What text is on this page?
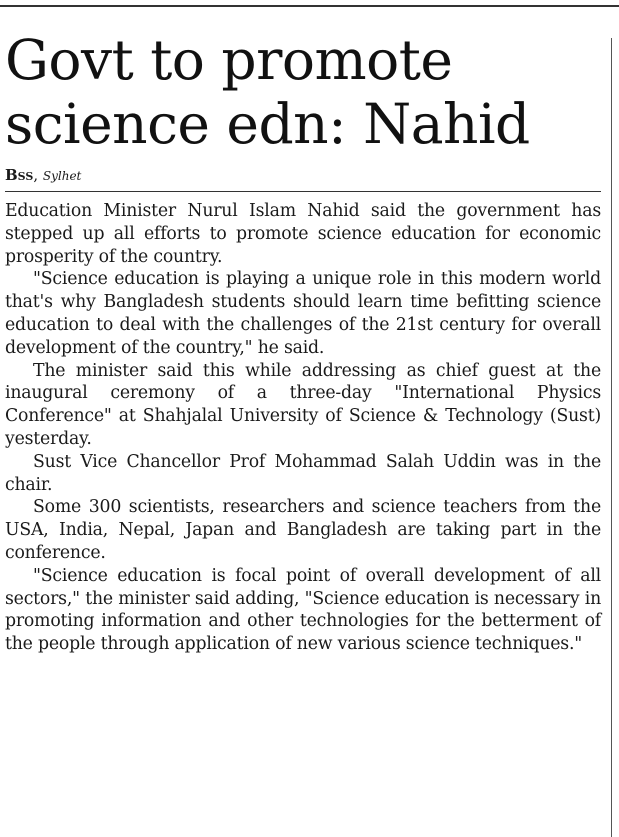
Govt to promote science edn: Nahid
Bss, Sylhet

Education Minister Nurul Islam Nahid said the government has stepped up all efforts to promote science education for economic prosperity of the country.

"Science education is playing a unique role in this modern world that's why Bangladesh students should learn time befitting science education to deal with the challenges of the 21st century for overall development of the country," he said.

The minister said this while addressing as chief guest at the inaugural ceremony of a three-day "International Physics Conference" at Shahjalal University of Science & Technology (Sust) yesterday.

Sust Vice Chancellor Prof Mohammad Salah Uddin was in the chair.

Some 300 scientists, researchers and science teachers from the USA, India, Nepal, Japan and Bangladesh are taking part in the conference.

"Science education is focal point of overall development of all sectors," the minister said adding, "Science education is necessary in promoting information and other technologies for the betterment of the people through application of new various science techniques."
